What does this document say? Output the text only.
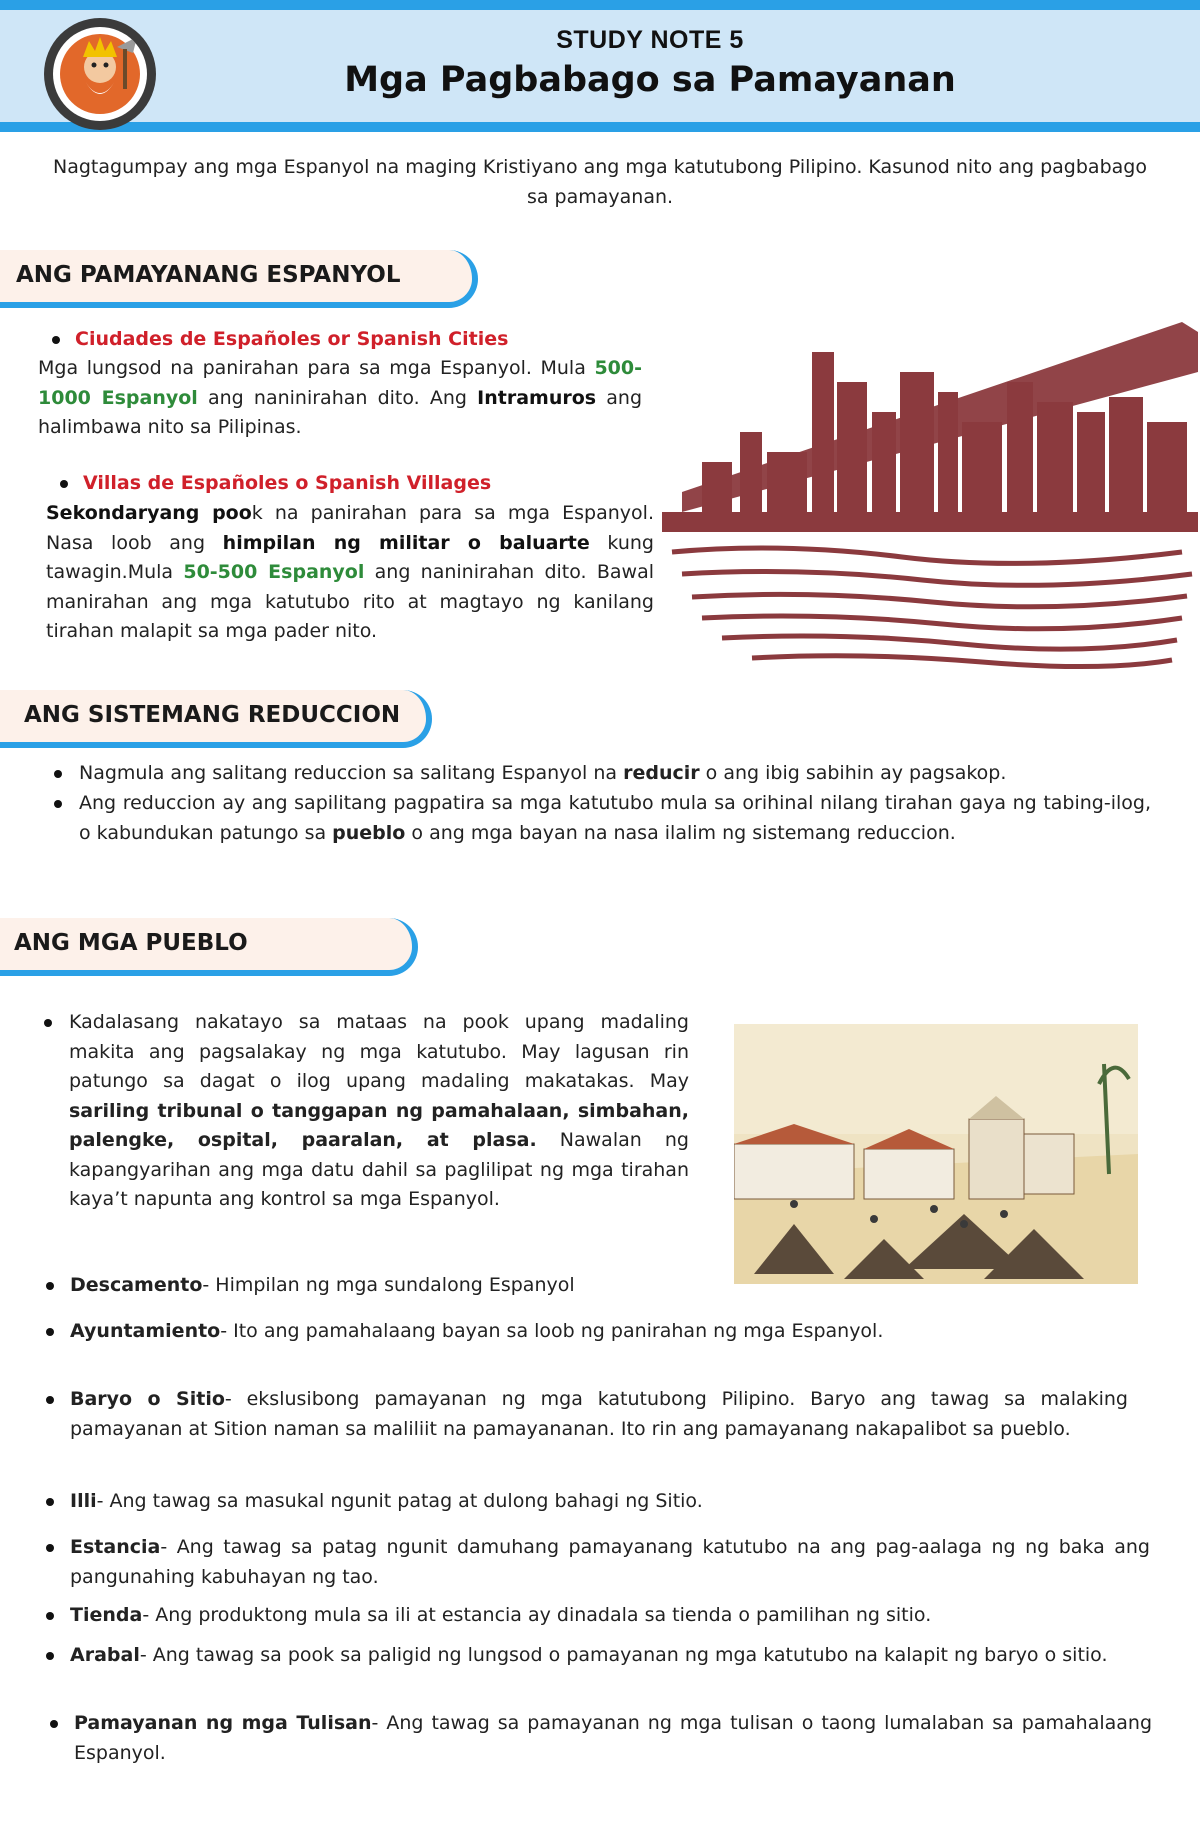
STUDY NOTE 5
Mga Pagbabago sa Pamayanan
Nagtagumpay ang mga Espanyol na maging Kristiyano ang mga katutubong Pilipino. Kasunod nito ang pagbabago sa pamayanan.
ANG PAMAYANANG ESPANYOL
Ciudades de Españoles or Spanish Cities
Mga lungsod na panirahan para sa mga Espanyol. Mula 500-1000 Espanyol ang naninirahan dito. Ang Intramuros ang halimbawa nito sa Pilipinas.
Villas de Españoles o Spanish Villages
Sekondaryang pook na panirahan para sa mga Espanyol. Nasa loob ang himpilan ng militar o baluarte kung tawagin.Mula 50-500 Espanyol ang naninirahan dito. Bawal manirahan ang mga katutubo rito at magtayo ng kanilang tirahan malapit sa mga pader nito.
ANG SISTEMANG REDUCCION
Nagmula ang salitang reduccion sa salitang Espanyol na reducir o ang ibig sabihin ay pagsakop.
Ang reduccion ay ang sapilitang pagpatira sa mga katutubo mula sa orihinal nilang tirahan gaya ng tabing-ilog, o kabundukan patungo sa pueblo o ang mga bayan na nasa ilalim ng sistemang reduccion.
ANG MGA PUEBLO
Kadalasang nakatayo sa mataas na pook upang madaling makita ang pagsalakay ng mga katutubo. May lagusan rin patungo sa dagat o ilog upang madaling makatakas. May sariling tribunal o tanggapan ng pamahalaan, simbahan, palengke, ospital, paaralan, at plasa. Nawalan ng kapangyarihan ang mga datu dahil sa paglilipat ng mga tirahan kaya’t napunta ang kontrol sa mga Espanyol.
Descamento- Himpilan ng mga sundalong Espanyol
Ayuntamiento- Ito ang pamahalaang bayan sa loob ng panirahan ng mga Espanyol.
Baryo o Sitio- ekslusibong pamayanan ng mga katutubong Pilipino. Baryo ang tawag sa malaking pamayanan at Sition naman sa maliliit na pamayananan. Ito rin ang pamayanang nakapalibot sa pueblo.
Illi- Ang tawag sa masukal ngunit patag at dulong bahagi ng Sitio.
Estancia- Ang tawag sa patag ngunit damuhang pamayanang katutubo na ang pag-aalaga ng ng baka ang pangunahing kabuhayan ng tao.
Tienda- Ang produktong mula sa ili at estancia ay dinadala sa tienda o pamilihan ng sitio.
Arabal- Ang tawag sa pook sa paligid ng lungsod o pamayanan ng mga katutubo na kalapit ng baryo o sitio.
Pamayanan ng mga Tulisan- Ang tawag sa pamayanan ng mga tulisan o taong lumalaban sa pamahalaang Espanyol.
